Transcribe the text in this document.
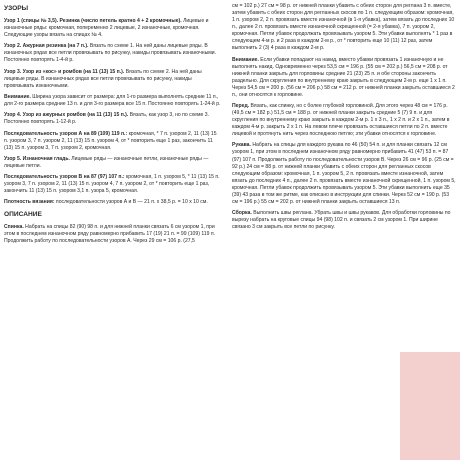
УЗОРЫ

Узор 1 (спицы № 3,5). Резинка (число петель кратно 4 + 2 кромочные). Лицевые и изнаночные ряды: кромочная, попеременно 2 лицевые, 2 изнаночные, кромочная. Следующие узоры вязать на спицах № 4.

Узор 2. Ажурная резинка (на 7 п.). Вязать по схеме 1. На ней даны лицевые ряды. В изнаночных рядах все петли провязывать по рисунку, накиды провязывать изнаночными. Постоянно повторять 1-4-й р.

Узор 3. Узор из «кос» и ромбов (на 11 (13) 15 п.). Вязать по схеме 2. На ней даны лицевые ряды. В изнаночных рядах все петли провязывать по рисунку, накиды провязывать изнаночными.

Внимание. Ширина узора зависит от размера: для 1-го размера выполнять средние 11 п., для 2-го размера средние 13 п. и для 3-го размера все 15 п. Постоянно повторять 1-24-й р.

Узор 4. Узор из ажурных ромбов (на 11 (13) 15 п.). Вязать, как узор 3, но по схеме 3. Постоянно повторять 1-12-й р.

Последовательность узоров А на 89 (109) 119 п.: кромочная, * 7 п. узором 2, 11 (13) 15 п. узором 3, 7 п. узором 2, 11 (13) 15 п. узором 4, от * повторить еще 1 раз, закончить 11 (13) 15 п. узором 3, 7 п. узором 2, кромочная.

Узор 5. Изнаночная гладь. Лицевые ряды — изнаночные петли, изнаночные ряды — лицевые петли.

Последовательность узоров В на 87 (97) 107 п.: кромочная, 1 п. узором 5, * 11 (13) 15 п. узором 3, 7 п. узором 2, 11 (13) 15 п. узором 4, 7 п. узором 2, от * повторить еще 1 раз, закончить 11 (13) 15 п. узором 3,1 п. узора 5, кромочная.

Плотность вязания: последовательности узоров А и В — 21 п. х 38,5 р. = 10 х 10 см.

ОПИСАНИЕ

Спинка. Набрать на спицы 82 (90) 98 п. и для нижней планки связать 6 см узором 1, при этом в последнем изнаночном ряду равномерно прибавить 17 (19) 21 п. = 99 (109) 119 п. Продолжить работу по последовательности узоров А. Через 29 см = 106 р. (27,5

см = 102 р.) 27 см = 98 р. от нижней планки убавить с обеих сторон для реглана 3 п. вместе, затем убавить с обеих сторон для регланных скосов по 1 п. следующим образом: кромочная, 1 п. узором 2, 2 п. провязать вместе изнаночной (в 1-я убавка), затем вязать до последних 10 п., далее 2 п. провязать вместе изнаночной скрещенной (= 2-я убавка), 7 п. узором 2, кромочная. Петли убавок продолжать провязывать узором 5. Эти убавки выполнять * 1 раз в следующем 4-м р. и 2 раза в каждом 2-м р., от * повторить еще 10 (11) 12 раз, затем выполнить 2 (3) 4 раза в каждом 2-м р.

Внимание. Если убавки попадают на накид, вместо убавки провязать 1 изнаночную и не выполнять накид. Одновременно через 53,5 см = 196 р. (55 см = 202 р.) 56,5 см = 208 р. от нижней планки закрыть для горловины средние 21 (23) 25 п. и обе стороны закончить раздельно. Для скругления по внутреннему краю закрыть в следующем 2-м р. еще 1 х 1 п. Через 54,5 см = 200 р. (56 см = 206 р.) 58 см = 212 р. от нижней планки закрыть оставшиеся 2 п., они относятся к горловине.

Перед. Вязать, как спинку, но с более глубокой горловиной. Для этого через 48 см = 176 р. (49,5 см = 182 р.) 51,5 см = 188 р. от нижней планки закрыть средние 5 (7) 9 п. и для скругления по внутреннему краю закрыть в каждом 2-м р. 1 х 3 п., 1 х 2 п. и 2 х 1 п., затем в каждом 4-м р. закрыть 2 х 1 п. На левом плече провязать оставшиеся петли по 2 п. вместе лицевой и протянуть нить через последнюю петлю; эти убавки относятся к горловине.

Рукава. Набрать на спицы для каждого рукава по 46 (50) 54 п. и для планки связать 12 см узором 1, при этом в последнем изнаночном ряду равномерно прибавить 41 (47) 53 п. = 87 (97) 107 п. Продолжить работу по последовательности узоров В. Через 26 см = 96 р. (25 см = 92 р.) 24 см = 88 р. от нижней планки убавить с обеих сторон для регланных скосов следующим образом: кромочная, 1 п. узором 5, 2 п. провязать вместе изнаночной, затем вязать до последних 4 п., далее 2 п. провязать вместе изнаночной скрещенной, 1 п. узором 5, кромочная. Петли убавок продолжить провязывать узором 5. Эти убавки выполнить еще 35 (39) 43 раза в том же ритме, как описано в инструкции для спинки. Через 52 см = 190 р. (53 см = 196 р.) 55 см = 202 р. от нижней планки закрыть оставшиеся 13 п.

Сборка. Выполнить швы реглана. Убрать швы и швы рукавов. Для обработки горловины по вырезу набрать на круговые спицы 94 (98) 102 п. и связать 2 см узором 1. При ширине связано 3 см закрыть все петли по рисунку.
